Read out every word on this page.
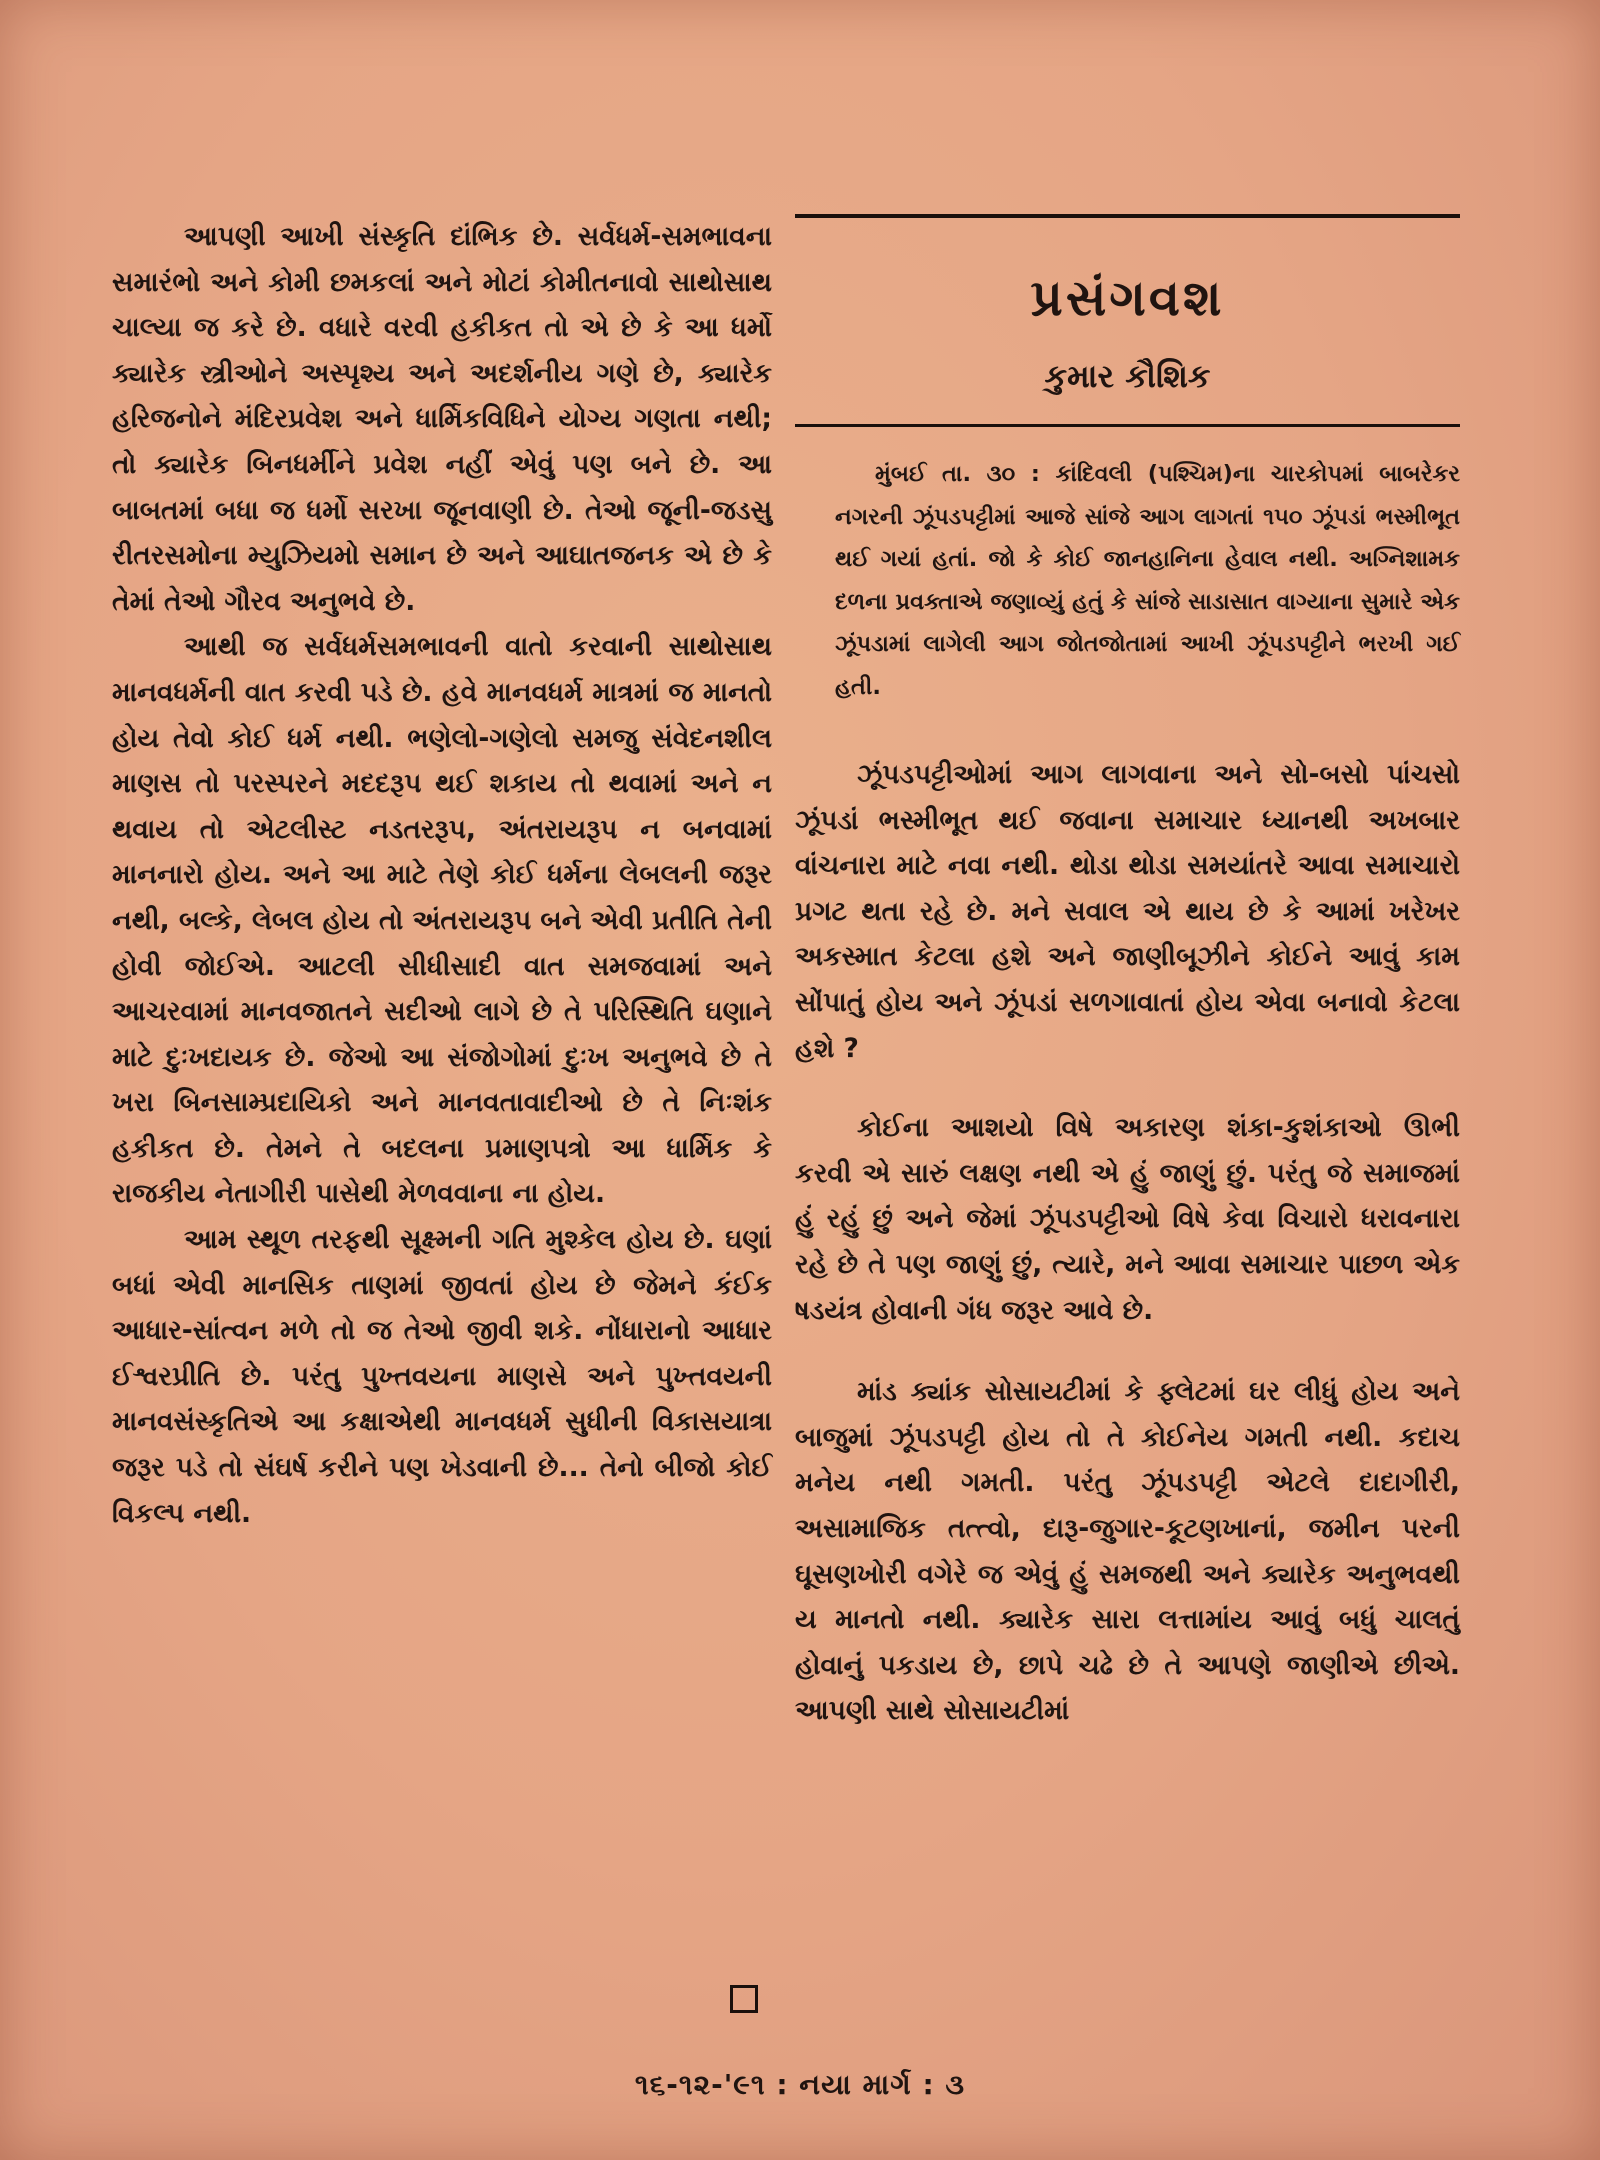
આપણી આખી સંસ્કૃતિ દાંભિક છે. સર્વધર્મ-સમભાવના સમારંભો અને કોમી છમકલાં અને મોટાં કોમીતનાવો સાથોસાથ ચાલ્યા જ કરે છે. વધારે વરવી હકીકત તો એ છે કે આ ધર્મો ક્યારેક સ્ત્રીઓને અસ્પૃશ્ય અને અદર્શનીય ગણે છે, ક્યારેક હરિજનોને મંદિરપ્રવેશ અને ધાર્મિકવિધિને યોગ્ય ગણતા નથી; તો ક્યારેક બિનધર્મીને પ્રવેશ નહીં એવું પણ બને છે. આ બાબતમાં બધા જ ધર્મો સરખા જૂનવાણી છે. તેઓ જૂની-જડસુ રીતરસમોના મ્યુઝિયમો સમાન છે અને આઘાતજનક એ છે કે તેમાં તેઓ ગૌરવ અનુભવે છે.

આથી જ સર્વધર્મસમભાવની વાતો કરવાની સાથોસાથ માનવધર્મની વાત કરવી પડે છે. હવે માનવધર્મ માત્રમાં જ માનતો હોય તેવો કોઈ ધર્મ નથી. ભણેલો-ગણેલો સમજુ સંવેદનશીલ માણસ તો પરસ્પરને મદદરૂપ થઈ શકાય તો થવામાં અને ન થવાય તો એટલીસ્ટ નડતરરૂપ, અંતરાયરૂપ ન બનવામાં માનનારો હોય. અને આ માટે તેણે કોઈ ધર્મના લેબલની જરૂર નથી, બલ્કે, લેબલ હોય તો અંતરાયરૂપ બને એવી પ્રતીતિ તેની હોવી જોઈએ. આટલી સીધીસાદી વાત સમજવામાં અને આચરવામાં માનવજાતને સદીઓ લાગે છે તે પરિસ્થિતિ ઘણાને માટે દુઃખદાયક છે. જેઓ આ સંજોગોમાં દુઃખ અનુભવે છે તે ખરા બિનસામ્પ્રદાયિકો અને માનવતાવાદીઓ છે તે નિઃશંક હકીકત છે. તેમને તે બદલના પ્રમાણપત્રો આ ધાર્મિક કે રાજકીય નેતાગીરી પાસેથી મેળવવાના ના હોય.

આમ સ્થૂળ તરફથી સૂક્ષ્મની ગતિ મુશ્કેલ હોય છે. ઘણાં બધાં એવી માનસિક તાણમાં જીવતાં હોય છે જેમને કંઈક આધાર-સાંત્વન મળે તો જ તેઓ જીવી શકે. નોંધારાનો આધાર ઈશ્વરપ્રીતિ છે. પરંતુ પુખ્તવયના માણસે અને પુખ્તવયની માનવસંસ્કૃતિએ આ કક્ષાએથી માનવધર્મ સુધીની વિકાસયાત્રા જરૂર પડે તો સંઘર્ષ કરીને પણ ખેડવાની છે... તેનો બીજો કોઈ વિકલ્પ નથી.

પ્રસંગવશ
કુમાર કૌશિક
મુંબઈ તા. ૩૦ : કાંદિવલી (પશ્ચિમ)ના ચારકોપમાં બાબરેકર નગરની ઝૂંપડપટ્ટીમાં આજે સાંજે આગ લાગતાં ૧૫૦ ઝૂંપડાં ભસ્મીભૂત થઈ ગયાં હતાં. જો કે કોઈ જાનહાનિના હેવાલ નથી. અગ્નિશામક દળના પ્રવક્તાએ જણાવ્યું હતું કે સાંજે સાડાસાત વાગ્યાના સુમારે એક ઝૂંપડામાં લાગેલી આગ જોતજોતામાં આખી ઝૂંપડપટ્ટીને ભરખી ગઈ હતી.

ઝૂંપડપટ્ટીઓમાં આગ લાગવાના અને સો-બસો પાંચસો ઝૂંપડાં ભસ્મીભૂત થઈ જવાના સમાચાર ધ્યાનથી અખબાર વાંચનારા માટે નવા નથી. થોડા થોડા સમયાંતરે આવા સમાચારો પ્રગટ થતા રહે છે. મને સવાલ એ થાય છે કે આમાં ખરેખર અકસ્માત કેટલા હશે અને જાણીબૂઝીને કોઈને આવું કામ સોંપાતું હોય અને ઝૂંપડાં સળગાવાતાં હોય એવા બનાવો કેટલા હશે ?

કોઈના આશયો વિષે અકારણ શંકા-કુશંકાઓ ઊભી કરવી એ સારું લક્ષણ નથી એ હું જાણું છું. પરંતુ જે સમાજમાં હું રહું છું અને જેમાં ઝૂંપડપટ્ટીઓ વિષે કેવા વિચારો ધરાવનારા રહે છે તે પણ જાણું છું, ત્યારે, મને આવા સમાચાર પાછળ એક ષડયંત્ર હોવાની ગંધ જરૂર આવે છે.

માંડ ક્યાંક સોસાયટીમાં કે ફ્લેટમાં ઘર લીધું હોય અને બાજુમાં ઝૂંપડપટ્ટી હોય તો તે કોઈનેય ગમતી નથી. કદાચ મનેય નથી ગમતી. પરંતુ ઝૂંપડપટ્ટી એટલે દાદાગીરી, અસામાજિક તત્ત્વો, દારૂ-જુગાર-કૂટણખાનાં, જમીન પરની ઘૂસણખોરી વગેરે જ એવું હું સમજથી અને ક્યારેક અનુભવથી ય માનતો નથી. ક્યારેક સારા લત્તામાંય આવું બધું ચાલતું હોવાનું પકડાય છે, છાપે ચઢે છે તે આપણે જાણીએ છીએ. આપણી સાથે સોસાયટીમાં

૧૬-૧૨-'૯૧ : નયા માર્ગ : ૩
